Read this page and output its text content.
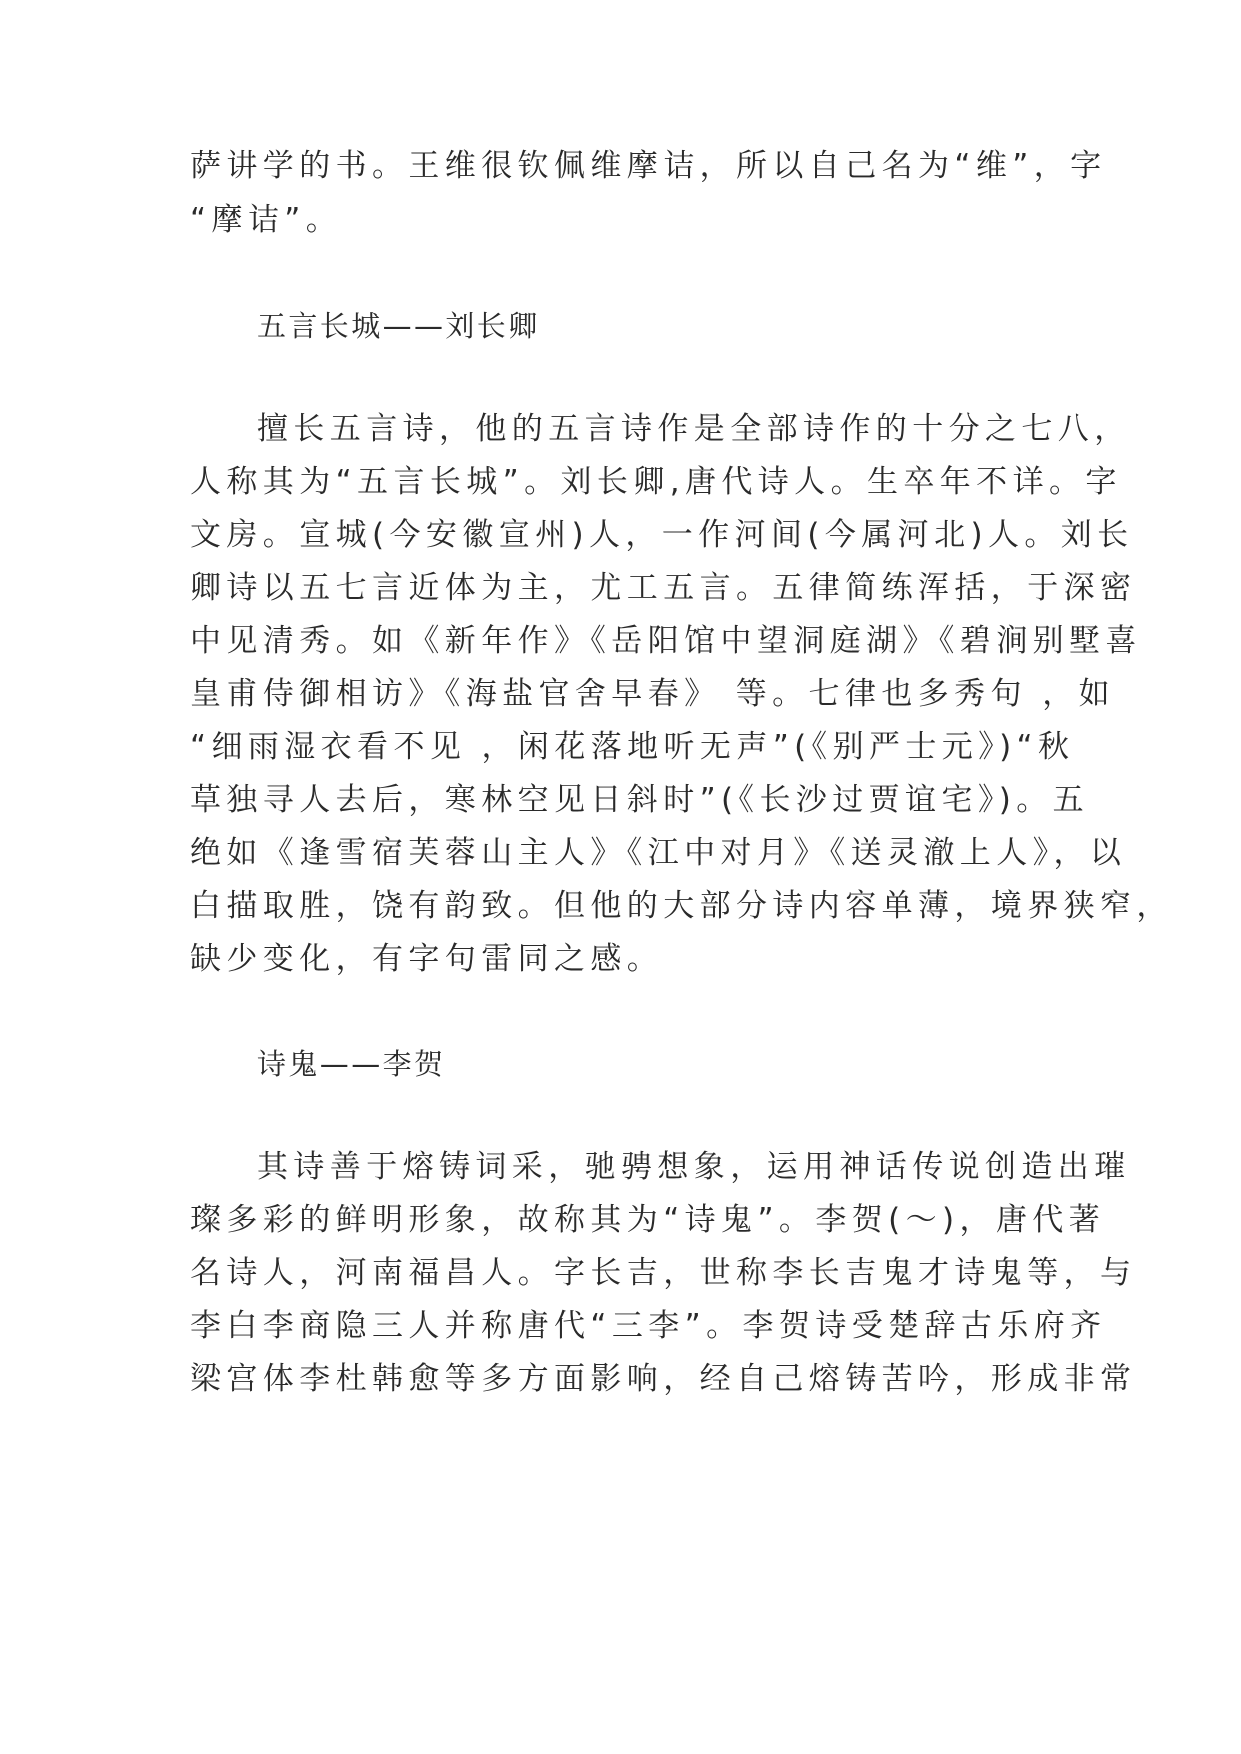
萨讲学的书。王维很钦佩维摩诘，所以自己名为“维”，字

“摩诘”。

五言长城——刘长卿

擅长五言诗，他的五言诗作是全部诗作的十分之七八，

人称其为“五言长城”。刘长卿,唐代诗人。生卒年不详。字

文房。宣城(今安徽宣州)人，一作河间(今属河北)人。刘长

卿诗以五七言近体为主，尤工五言。五律简练浑括，于深密

中见清秀。如《新年作》《岳阳馆中望洞庭湖》《碧涧别墅喜

皇甫侍御相访》《海盐官舍早春》 等。七律也多秀句 ，如

“细雨湿衣看不见 ，闲花落地听无声”(《别严士元》)“秋

草独寻人去后，寒林空见日斜时”(《长沙过贾谊宅》)。五

绝如《逢雪宿芙蓉山主人》《江中对月》《送灵澈上人》，以

白描取胜，饶有韵致。但他的大部分诗内容单薄，境界狭窄，

缺少变化，有字句雷同之感。

诗鬼——李贺

其诗善于熔铸词采，驰骋想象，运用神话传说创造出璀

璨多彩的鲜明形象，故称其为“诗鬼”。李贺(～)，唐代著

名诗人，河南福昌人。字长吉，世称李长吉鬼才诗鬼等，与

李白李商隐三人并称唐代“三李”。李贺诗受楚辞古乐府齐

梁宫体李杜韩愈等多方面影响，经自己熔铸苦吟，形成非常
